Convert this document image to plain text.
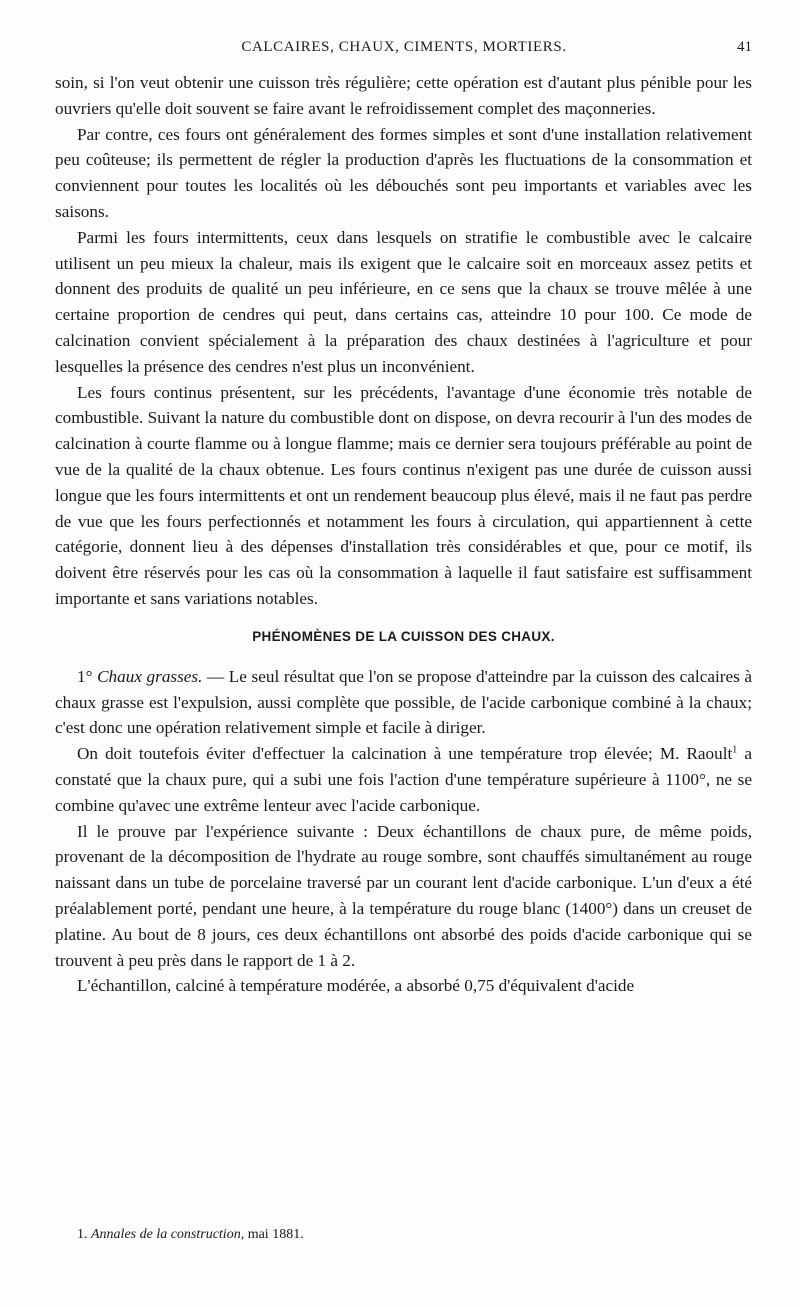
CALCAIRES, CHAUX, CIMENTS, MORTIERS.	41

soin, si l'on veut obtenir une cuisson très régulière; cette opération est d'autant plus pénible pour les ouvriers qu'elle doit souvent se faire avant le refroidissement complet des maçonneries.

Par contre, ces fours ont généralement des formes simples et sont d'une installation relativement peu coûteuse; ils permettent de régler la production d'après les fluctuations de la consommation et conviennent pour toutes les localités où les débouchés sont peu importants et variables avec les saisons.

Parmi les fours intermittents, ceux dans lesquels on stratifie le combustible avec le calcaire utilisent un peu mieux la chaleur, mais ils exigent que le calcaire soit en morceaux assez petits et donnent des produits de qualité un peu inférieure, en ce sens que la chaux se trouve mêlée à une certaine proportion de cendres qui peut, dans certains cas, atteindre 10 pour 100. Ce mode de calcination convient spécialement à la préparation des chaux destinées à l'agriculture et pour lesquelles la présence des cendres n'est plus un inconvénient.

Les fours continus présentent, sur les précédents, l'avantage d'une économie très notable de combustible. Suivant la nature du combustible dont on dispose, on devra recourir à l'un des modes de calcination à courte flamme ou à longue flamme; mais ce dernier sera toujours préférable au point de vue de la qualité de la chaux obtenue. Les fours continus n'exigent pas une durée de cuisson aussi longue que les fours intermittents et ont un rendement beaucoup plus élevé, mais il ne faut pas perdre de vue que les fours perfectionnés et notamment les fours à circulation, qui appartiennent à cette catégorie, donnent lieu à des dépenses d'installation très considérables et que, pour ce motif, ils doivent être réservés pour les cas où la consommation à laquelle il faut satisfaire est suffisamment importante et sans variations notables.

PHÉNOMÈNES DE LA CUISSON DES CHAUX.

1° Chaux grasses. — Le seul résultat que l'on se propose d'atteindre par la cuisson des calcaires à chaux grasse est l'expulsion, aussi complète que possible, de l'acide carbonique combiné à la chaux; c'est donc une opération relativement simple et facile à diriger.

On doit toutefois éviter d'effectuer la calcination à une température trop élevée; M. Raoult$^1$ a constaté que la chaux pure, qui a subi une fois l'action d'une température supérieure à 1100°, ne se combine qu'avec une extrême lenteur avec l'acide carbonique.

Il le prouve par l'expérience suivante : Deux échantillons de chaux pure, de même poids, provenant de la décomposition de l'hydrate au rouge sombre, sont chauffés simultanément au rouge naissant dans un tube de porcelaine traversé par un courant lent d'acide carbonique. L'un d'eux a été préalablement porté, pendant une heure, à la température du rouge blanc (1400°) dans un creuset de platine. Au bout de 8 jours, ces deux échantillons ont absorbé des poids d'acide carbonique qui se trouvent à peu près dans le rapport de 1 à 2.

L'échantillon, calciné à température modérée, a absorbé 0,75 d'équivalent d'acide

1. Annales de la construction, mai 1881.
